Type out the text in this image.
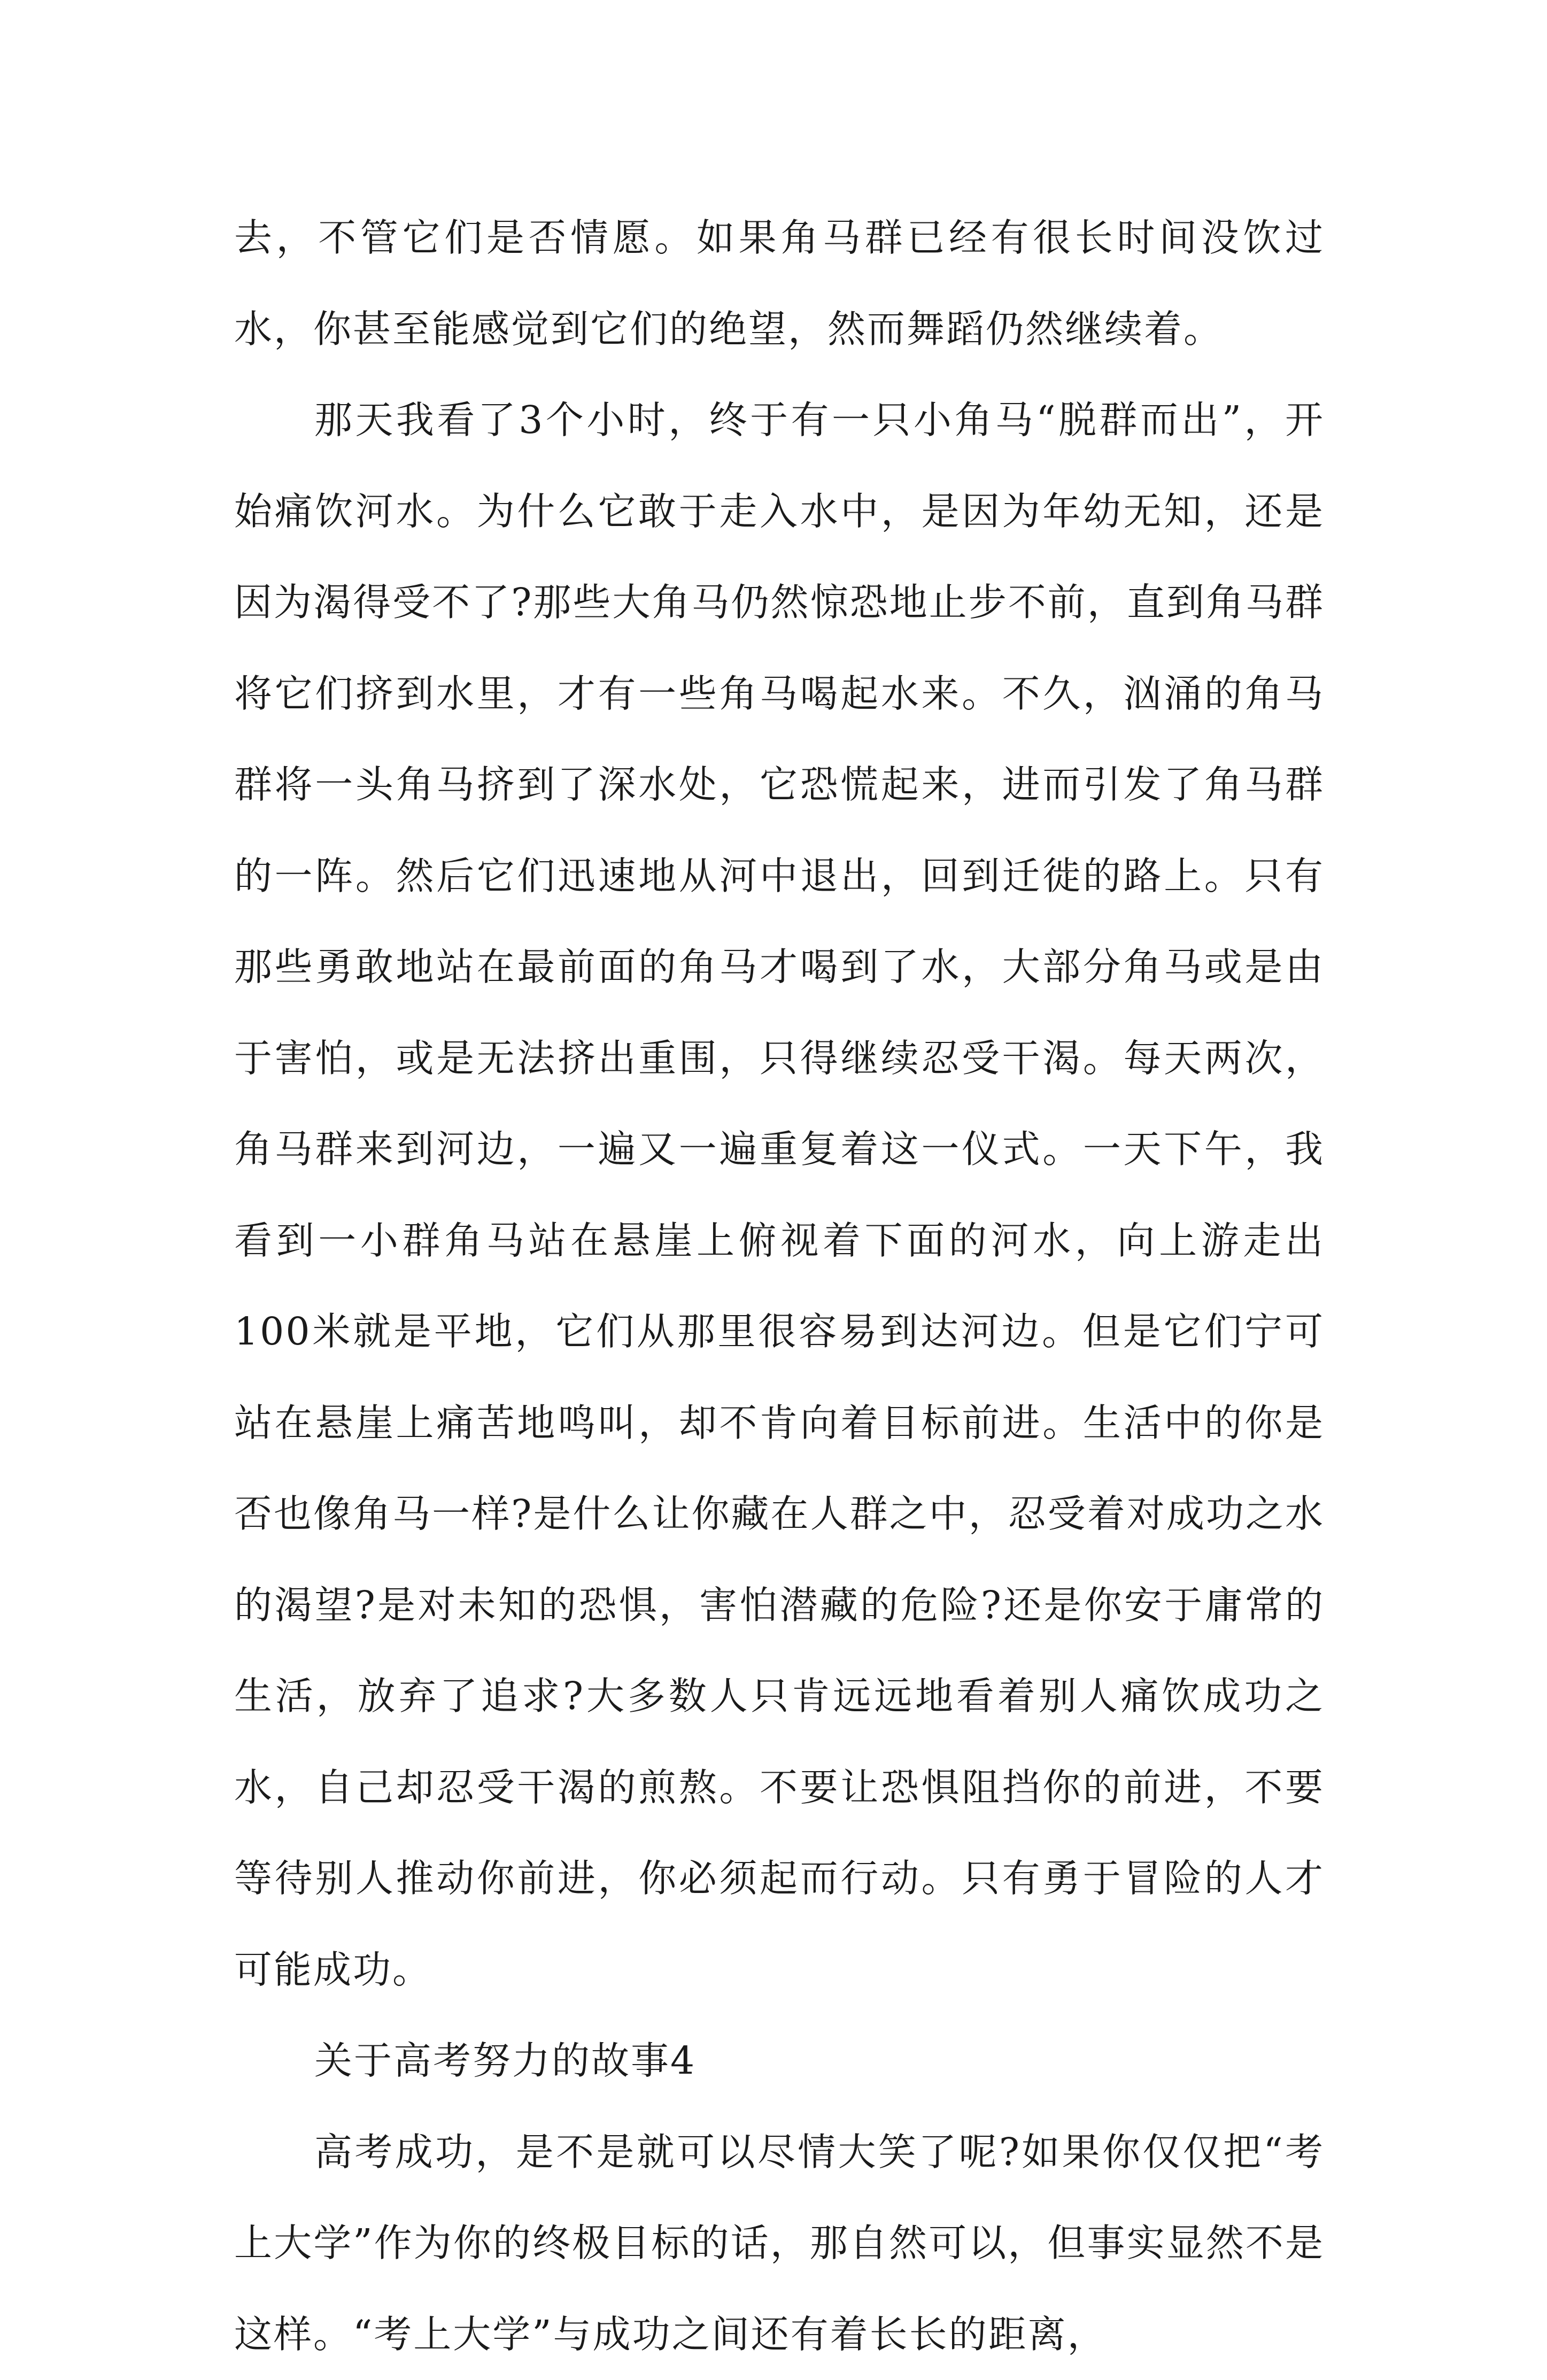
去，不管它们是否情愿。如果角马群已经有很长时间没饮过水，你甚至能感觉到它们的绝望，然而舞蹈仍然继续着。

那天我看了3个小时，终于有一只小角马“脱群而出”，开始痛饮河水。为什么它敢于走入水中，是因为年幼无知，还是因为渴得受不了?那些大角马仍然惊恐地止步不前，直到角马群将它们挤到水里，才有一些角马喝起水来。不久，汹涌的角马群将一头角马挤到了深水处，它恐慌起来，进而引发了角马群的一阵。然后它们迅速地从河中退出，回到迁徙的路上。只有那些勇敢地站在最前面的角马才喝到了水，大部分角马或是由于害怕，或是无法挤出重围，只得继续忍受干渴。每天两次，角马群来到河边，一遍又一遍重复着这一仪式。一天下午，我看到一小群角马站在悬崖上俯视着下面的河水，向上游走出100米就是平地，它们从那里很容易到达河边。但是它们宁可站在悬崖上痛苦地鸣叫，却不肯向着目标前进。生活中的你是否也像角马一样?是什么让你藏在人群之中，忍受着对成功之水的渴望?是对未知的恐惧，害怕潜藏的危险?还是你安于庸常的生活，放弃了追求?大多数人只肯远远地看着别人痛饮成功之水，自己却忍受干渴的煎熬。不要让恐惧阻挡你的前进，不要等待别人推动你前进，你必须起而行动。只有勇于冒险的人才可能成功。

关于高考努力的故事4

高考成功，是不是就可以尽情大笑了呢?如果你仅仅把“考上大学”作为你的终极目标的话，那自然可以，但事实显然不是这样。“考上大学”与成功之间还有着长长的距离，
